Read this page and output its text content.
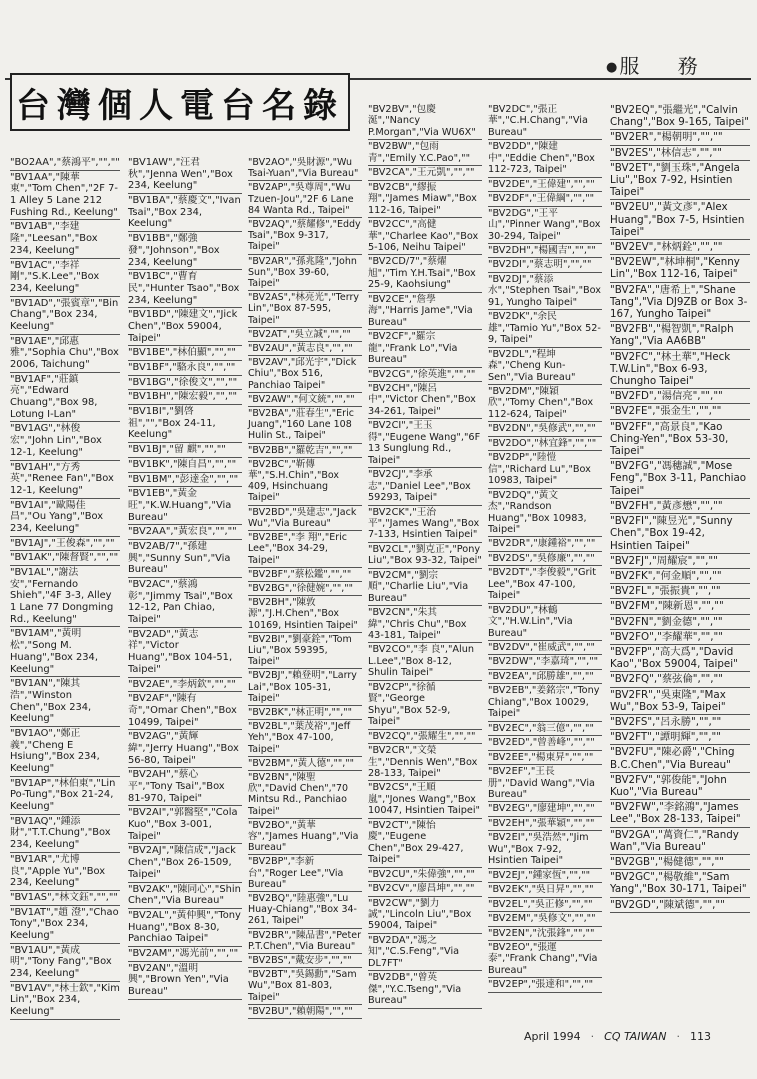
● 服 務
台灣個人電台名錄
"BO2AA","蔡鴻平","",""
"BV1AA","陳華東","Tom Chen","2F 7-1 Alley 5 Lane 212 Fushing Rd., Keelung"
"BV1AB","李建隆","Leesan","Box 234, Keelung"
"BV1AC","李祥剛","S.K.Lee","Box 234, Keelung"
"BV1AD","張賓章","Bin Chang","Box 234, Keelung"
"BV1AE","邱惠雅","Sophia Chu","Box 2006, Taichung"
"BV1AF","莊鎮亮","Edward Chuang","Box 98, Lotung I-Lan"
"BV1AG","林俊宏","John Lin","Box 12-1, Keelung"
"BV1AH","方秀英","Renee Fan","Box 12-1, Keelung"
"BV1AI","歐陽佳昌","Ou Yang","Box 234, Keelung"
"BV1AJ","王俊森","",""
"BV1AK","陳督賢","",""
"BV1AL","謝法安","Fernando Shieh","4F 3-3, Alley 1 Lane 77 Dongming Rd., Keelung"
"BV1AM","黃明松","Song M. Huang","Box 234, Keelung"
"BV1AN","陳其浩","Winston Chen","Box 234, Keelung"
"BV1AO","鄭正義","Cheng E Hsiung","Box 234, Keelung"
"BV1AP","林伯東","Lin Po-Tung","Box 21-24, Keelung"
"BV1AQ","鍾添財","T.T.Chung","Box 234, Keelung"
"BV1AR","尤博良","Apple Yu","Box 234, Keelung"
"BV1AS","林文鈺","",""
"BV1AT","趙 澄","Chao Tony","Box 234, Keelung"
"BV1AU","黃成明","Tony Fang","Box 234, Keelung"
"BV1AV","林士欽","Kim Lin","Box 234, Keelung"
"BV1AW","汪君秋","Jenna Wen","Box 234, Keelung"
"BV1BA","蔡慶文","Ivan Tsai","Box 234, Keelung"
"BV1BB","鄭強發","Johnson","Box 234, Keelung"
"BV1BC","曹育民","Hunter Tsao","Box 234, Keelung"
"BV1BD","陳建文","Jick Chen","Box 59004, Taipei"
"BV1BE","林伯顯","",""
"BV1BF","駱永良","",""
"BV1BG","徐俊文","",""
"BV1BH","陳宏毅","",""
"BV1BI","劉啓祖","","Box 24-11, Keelung"
"BV1BJ","留 麒","",""
"BV1BK","陳自昌","",""
"BV1BM","彭達金","",""
"BV1EB","黃金旺","K.W.Huang","Via Bureau"
"BV2AA","黃宏良","",""
"BV2AB/7","孫建興","Sunny Sun","Via Bureau"
"BV2AC","蔡鴻彰","Jimmy Tsai","Box 12-12, Pan Chiao, Taipei"
"BV2AD","黃志祥","Victor Huang","Box 104-51, Taipei"
"BV2AE","李炳欽","",""
"BV2AF","陳有奇","Omar Chen","Box 10499, Taipei"
"BV2AG","黃輝緯","Jerry Huang","Box 56-80, Taipei"
"BV2AH","蔡心平","Tony Tsai","Box 81-970, Taipei"
"BV2AI","郭醫堅","Cola Kuo","Box 3-001, Taipei"
"BV2AJ","陳信成","Jack Chen","Box 26-1509, Taipei"
"BV2AK","陳同心","Shin Chen","Via Bureau"
"BV2AL","黃仲興","Tony Huang","Box 8-30, Panchiao Taipei"
"BV2AM","馮光前","",""
"BV2AN","溫明興","Brown Yen","Via Bureau"
"BV2AO","吳財源","Wu Tsai-Yuan","Via Bureau"
"BV2AP","吳尊周","Wu Tzuen-Jou","2F 6 Lane 84 Wanta Rd., Taipei"
"BV2AQ","蔡耀修","Eddy Tsai","Box 9-317, Taipei"
"BV2AR","孫兆隆","John Sun","Box 39-60, Taipei"
"BV2AS","林亮光","Terry Lin","Box 87-595, Taipei"
"BV2AT","吳立誠","",""
"BV2AU","黃志良","",""
"BV2AV","邱光宇","Dick Chiu","Box 516, Panchiao Taipei"
"BV2AW","何文統","",""
"BV2BA","莊春生","Eric Juang","160 Lane 108 Hulin St., Taipei"
"BV2BB","羅乾吉","",""
"BV2BC","靳傳華","S.H.Chin","Box 409, Hsinchuang Taipei"
"BV2BD","吳建志","Jack Wu","Via Bureau"
"BV2BE","李 翔","Eric Lee","Box 34-29, Taipei"
"BV2BF","蔡松鑑","",""
"BV2BG","徐健婉","",""
"BV2BH","陳敦源","J.H.Chen","Box 10169, Hsintien Taipei"
"BV2BI","劉豪銓","Tom Liu","Box 59395, Taipei"
"BV2BJ","賴登明","Larry Lai","Box 105-31, Taipei"
"BV2BK","林正明","",""
"BV2BL","葉茂裕","Jeff Yeh","Box 47-100, Taipei"
"BV2BM","黃人德","",""
"BV2BN","陳聖欣","David Chen","70 Mintsu Rd., Panchiao Taipei"
"BV2BO","黃華容","James Huang","Via Bureau"
"BV2BP","李新台","Roger Lee","Via Bureau"
"BV2BQ","陸惠強","Lu Huay-Chiang","Box 34-261, Taipei"
"BV2BR","陳品書","Peter P.T.Chen","Via Bureau"
"BV2BS","戴安步","",""
"BV2BT","吳錫勳","Sam Wu","Box 81-803, Taipei"
"BV2BU","賴朝陽","",""
"BV2BV","包慶涎","Nancy P.Morgan","Via WU6X"
"BV2BW","包雨青","Emily Y.C.Pao",""
"BV2CA","王元凱","",""
"BV2CB","繆振翔","James Miaw","Box 112-16, Taipei"
"BV2CC","高健華","Charlee Kao","Box 5-106, Neihu Taipei"
"BV2CD/7","蔡燿旭","Tim Y.H.Tsai","Box 25-9, Kaohsiung"
"BV2CE","詹學海","Harris Jame","Via Bureau"
"BV2CF","羅宗龍","Frank Lo","Via Bureau"
"BV2CG","徐英進","",""
"BV2CH","陳呂中","Victor Chen","Box 34-261, Taipei"
"BV2CI","王玉得","Eugene Wang","6F 13 Sunglung Rd., Taipei"
"BV2CJ","李承志","Daniel Lee","Box 59293, Taipei"
"BV2CK","王治平","James Wang","Box 7-133, Hsintien Taipei"
"BV2CL","劉克正","Pony Liu","Box 93-32, Taipei"
"BV2CM","劉宗順","Charlie Liu","Via Bureau"
"BV2CN","朱其緯","Chris Chu","Box 43-181, Taipei"
"BV2CO","李 良","Alun L.Lee","Box 8-12, Shulin Taipei"
"BV2CP","徐循賢","George Shyu","Box 52-9, Taipei"
"BV2CQ","張耀生","",""
"BV2CR","文榮生","Dennis Wen","Box 28-133, Taipei"
"BV2CS","王順嵐","Jones Wang","Box 10047, Hsintien Taipei"
"BV2CT","陳怡慶","Eugene Chen","Box 29-427, Taipei"
"BV2CU","朱偉強","",""
"BV2CV","廖昌坤","",""
"BV2CW","劉力誠","Lincoln Liu","Box 59004, Taipei"
"BV2DA","馮之知","C.S.Feng","Via DL7FT"
"BV2DB","曾英傑","Y.C.Tseng","Via Bureau"
"BV2DC","張正華","C.H.Chang","Via Bureau"
"BV2DD","陳建中","Eddie Chen","Box 112-723, Taipei"
"BV2DE","王偉建","",""
"BV2DF","王偉綱","",""
"BV2DG","王平山","Pinner Wang","Box 30-294, Taipei"
"BV2DH","楊國吉","",""
"BV2DI","蔡志明","",""
"BV2DJ","蔡添水","Stephen Tsai","Box 91, Yungho Taipei"
"BV2DK","余民雄","Tamio Yu","Box 52-9, Taipei"
"BV2DL","程坤森","Cheng Kun-Sen","Via Bureau"
"BV2DM","陳穎欣","Tomy Chen","Box 112-624, Taipei"
"BV2DN","吳修武","",""
"BV2DO","林宜鋒","",""
"BV2DP","陸愷信","Richard Lu","Box 10983, Taipei"
"BV2DQ","黃文杰","Randson Huang","Box 10983, Taipei"
"BV2DR","康鍾裕","",""
"BV2DS","吳修廉","",""
"BV2DT","李俊毅","Grit Lee","Box 47-100, Taipei"
"BV2DU","林鶴文","H.W.Lin","Via Bureau"
"BV2DV","崔威武","",""
"BV2DW","李嘉琦","",""
"BV2EA","邱勝雄","",""
"BV2EB","姜銘宗","Tony Chiang","Box 10029, Taipei"
"BV2EC","翁三億","",""
"BV2ED","曾善峰","",""
"BV2EE","楊東昇","",""
"BV2EF","王長册","David Wang","Via Bureau"
"BV2EG","廖建坤","",""
"BV2EH","張華穎","",""
"BV2EI","吳浩然","Jim Wu","Box 7-92, Hsintien Taipei"
"BV2EJ","鍾家恆","",""
"BV2EK","吳日昇","",""
"BV2EL","吳正修","",""
"BV2EM","吳修文","",""
"BV2EN","沈張鋒","",""
"BV2EO","張運泰","Frank Chang","Via Bureau"
"BV2EP","張達和","",""
"BV2EQ","張繼光","Calvin Chang","Box 9-165, Taipei"
"BV2ER","楊朝明","",""
"BV2ES","林信志","",""
"BV2ET","劉玉珠","Angela Liu","Box 7-92, Hsintien Taipei"
"BV2EU","黃文彥","Alex Huang","Box 7-5, Hsintien Taipei"
"BV2EV","林炳銓","",""
"BV2EW","林坤桐","Kenny Lin","Box 112-16, Taipei"
"BV2FA","唐希上","Shane Tang","Via DJ9ZB or Box 3-167, Yungho Taipei"
"BV2FB","楊智凱","Ralph Yang","Via AA6BB"
"BV2FC","林土華","Heck T.W.Lin","Box 6-93, Chungho Taipei"
"BV2FD","湯信亮","",""
"BV2FE","張金生","",""
"BV2FF","高景良","Kao Ching-Yen","Box 53-30, Taipei"
"BV2FG","馮穗誠","Mose Feng","Box 3-11, Panchiao Taipei"
"BV2FH","黃彥懋","",""
"BV2FI","陳昱光","Sunny Chen","Box 19-42, Hsintien Taipei"
"BV2FJ","周耀宸","",""
"BV2FK","何金順","",""
"BV2FL","張振貴","",""
"BV2FM","陳新恩","",""
"BV2FN","劉金德","",""
"BV2FO","李耀華","",""
"BV2FP","高大爲","David Kao","Box 59004, Taipei"
"BV2FQ","蔡弦倫","",""
"BV2FR","吳東隆","Max Wu","Box 53-9, Taipei"
"BV2FS","呂永勝","",""
"BV2FT","譚明輝","",""
"BV2FU","陳必爵","Ching B.C.Chen","Via Bureau"
"BV2FV","郭俊能","John Kuo","Via Bureau"
"BV2FW","李銘鴻","James Lee","Box 28-133, Taipei"
"BV2GA","萬資仁","Randy Wan","Via Bureau"
"BV2GB","楊健德","",""
"BV2GC","楊敬維","Sam Yang","Box 30-171, Taipei"
"BV2GD","陳斌德","",""
April 1994 · CQ TAIWAN · 113
